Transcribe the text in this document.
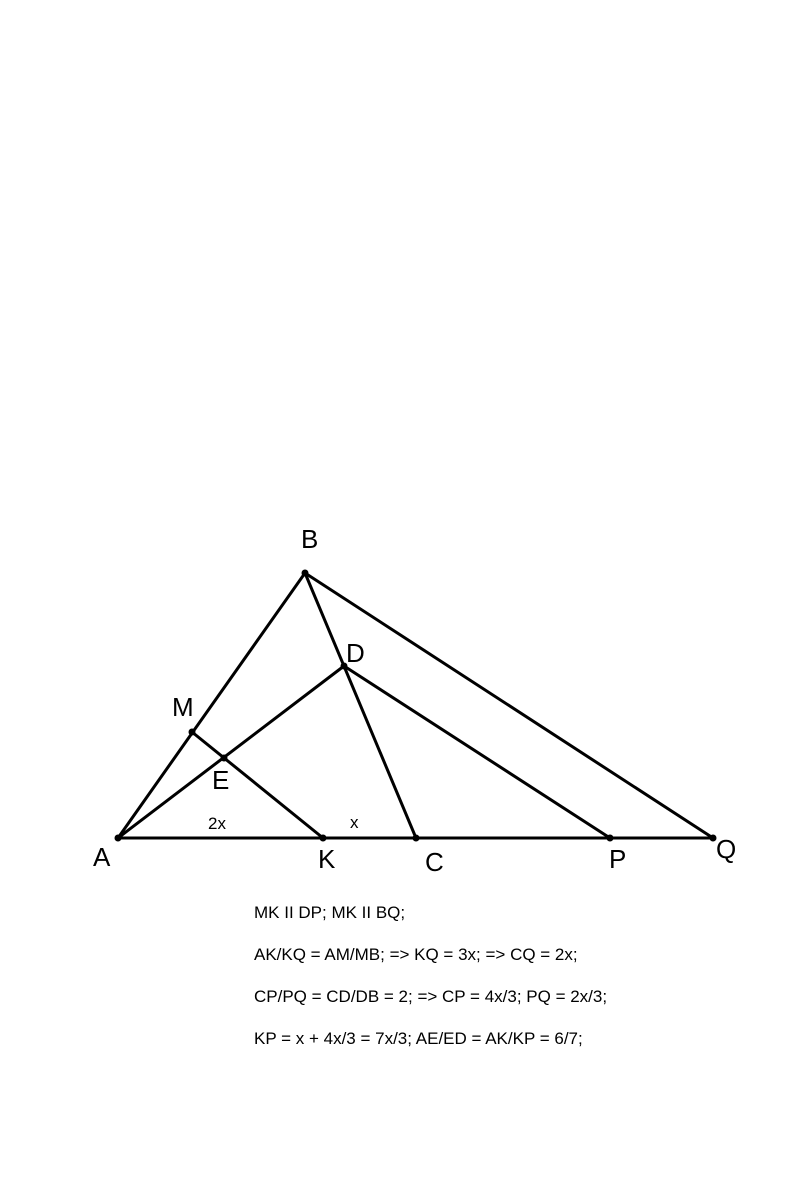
B
D
M
E
A	K	C	P	Q
2x	x
MK II DP; MK II BQ;
AK/KQ = AM/MB; => KQ = 3x; => CQ = 2x;
CP/PQ = CD/DB = 2; => CP = 4x/3; PQ = 2x/3;
KP = x + 4x/3 = 7x/3; AE/ED = AK/KP = 6/7;
